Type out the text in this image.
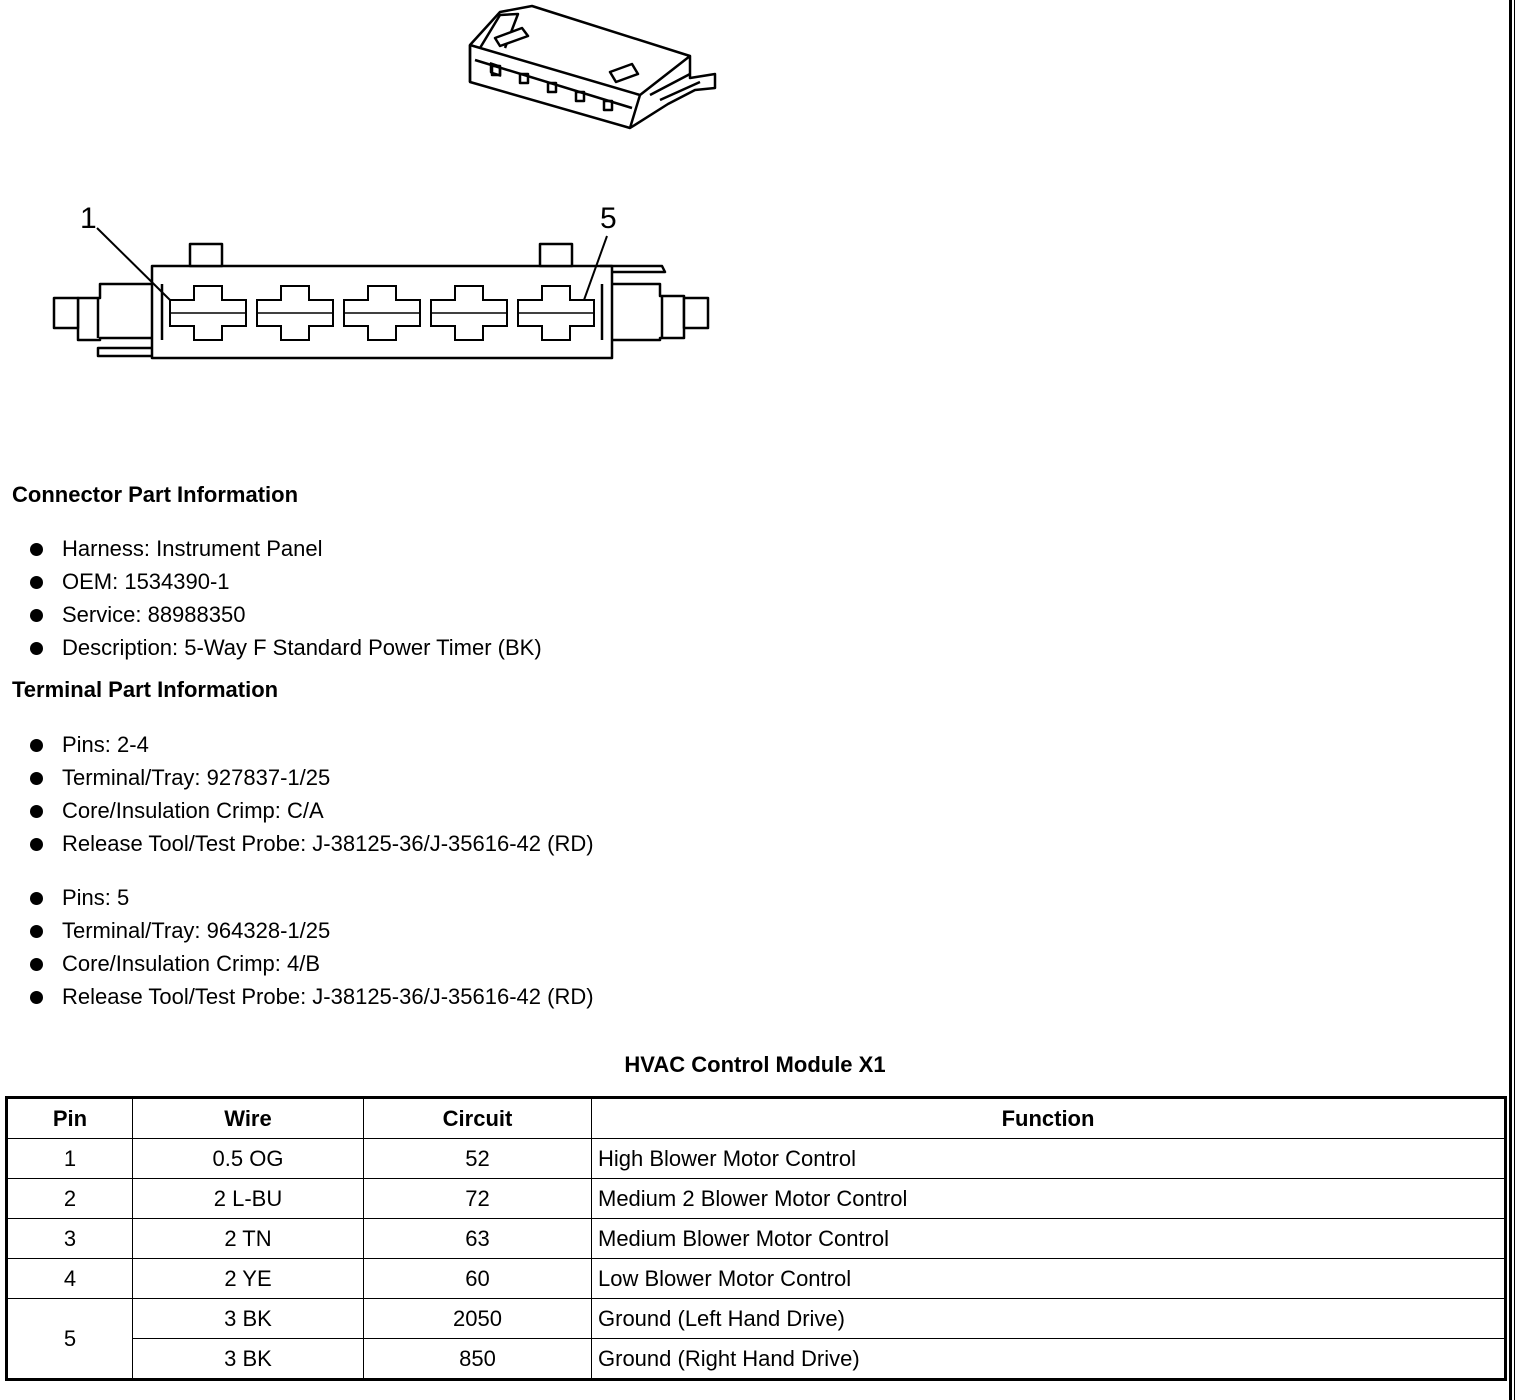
1	5
Connector Part Information
Harness: Instrument Panel
OEM: 1534390-1
Service: 88988350
Description: 5-Way F Standard Power Timer (BK)
Terminal Part Information
Pins: 2-4
Terminal/Tray: 927837-1/25
Core/Insulation Crimp: C/A
Release Tool/Test Probe: J-38125-36/J-35616-42 (RD)
Pins: 5
Terminal/Tray: 964328-1/25
Core/Insulation Crimp: 4/B
Release Tool/Test Probe: J-38125-36/J-35616-42 (RD)
HVAC Control Module X1
Pin	Wire	Circuit	Function
1	0.5 OG	52	High Blower Motor Control
2	2 L-BU	72	Medium 2 Blower Motor Control
3	2 TN	63	Medium Blower Motor Control
4	2 YE	60	Low Blower Motor Control
5	3 BK	2050	Ground (Left Hand Drive)
	3 BK	850	Ground (Right Hand Drive)
